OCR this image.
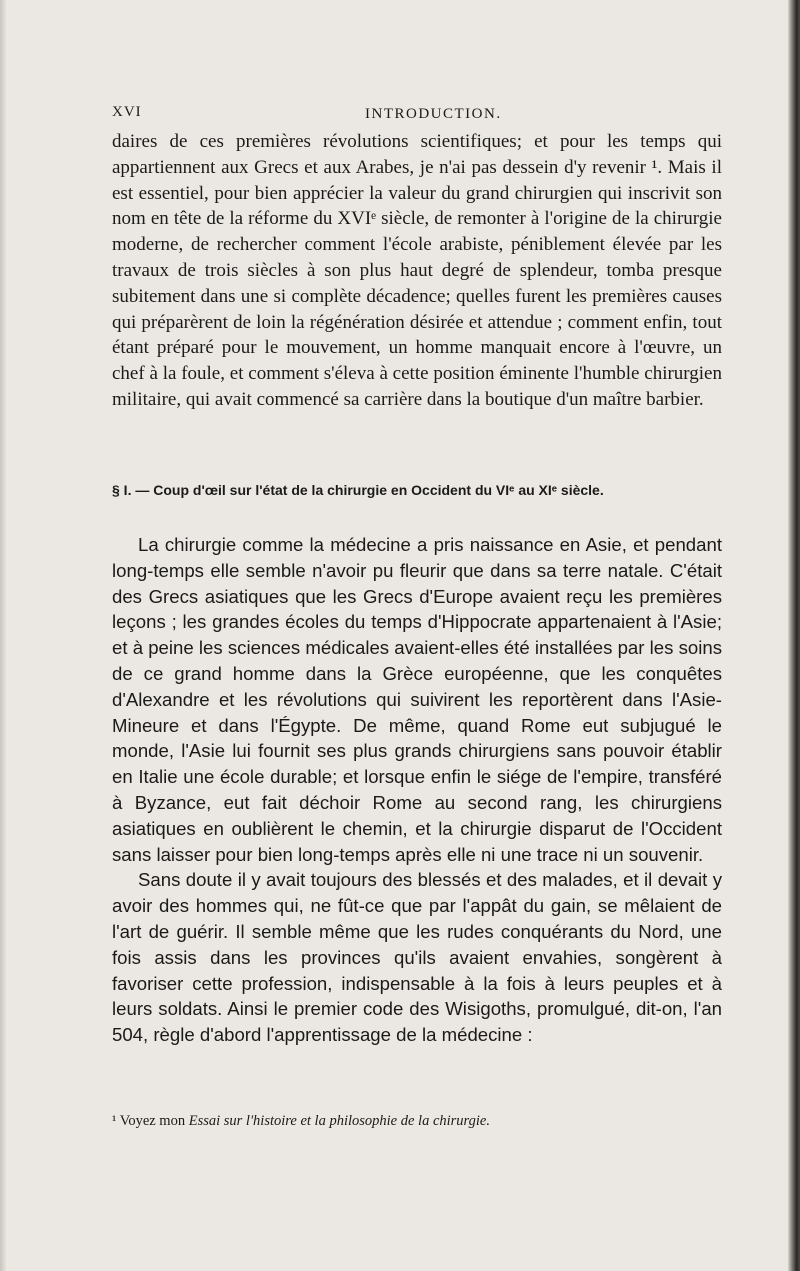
XVI	INTRODUCTION.

daires de ces premières révolutions scientifiques; et pour les temps qui appartiennent aux Grecs et aux Arabes, je n'ai pas dessein d'y revenir ¹. Mais il est essentiel, pour bien apprécier la valeur du grand chirurgien qui inscrivit son nom en tête de la réforme du XVIᵉ siècle, de remonter à l'origine de la chirurgie moderne, de rechercher comment l'école arabiste, péniblement élevée par les travaux de trois siècles à son plus haut degré de splendeur, tomba presque subitement dans une si complète décadence; quelles furent les premières causes qui préparèrent de loin la régénération désirée et attendue ; comment enfin, tout étant préparé pour le mouvement, un homme manquait encore à l'œuvre, un chef à la foule, et comment s'éleva à cette position éminente l'humble chirurgien militaire, qui avait commencé sa carrière dans la boutique d'un maître barbier.

§ I. — Coup d'œil sur l'état de la chirurgie en Occident du VIᵉ au XIᵉ siècle.

La chirurgie comme la médecine a pris naissance en Asie, et pendant long-temps elle semble n'avoir pu fleurir que dans sa terre natale. C'était des Grecs asiatiques que les Grecs d'Europe avaient reçu les premières leçons ; les grandes écoles du temps d'Hippocrate appartenaient à l'Asie; et à peine les sciences médicales avaient-elles été installées par les soins de ce grand homme dans la Grèce européenne, que les conquêtes d'Alexandre et les révolutions qui suivirent les reportèrent dans l'Asie-Mineure et dans l'Égypte. De même, quand Rome eut subjugué le monde, l'Asie lui fournit ses plus grands chirurgiens sans pouvoir établir en Italie une école durable; et lorsque enfin le siége de l'empire, transféré à Byzance, eut fait déchoir Rome au second rang, les chirurgiens asiatiques en oublièrent le chemin, et la chirurgie disparut de l'Occident sans laisser pour bien long-temps après elle ni une trace ni un souvenir.

Sans doute il y avait toujours des blessés et des malades, et il devait y avoir des hommes qui, ne fût-ce que par l'appât du gain, se mêlaient de l'art de guérir. Il semble même que les rudes conquérants du Nord, une fois assis dans les provinces qu'ils avaient envahies, songèrent à favoriser cette profession, indispensable à la fois à leurs peuples et à leurs soldats. Ainsi le premier code des Wisigoths, promulgué, dit-on, l'an 504, règle d'abord l'apprentissage de la médecine :

¹ Voyez mon Essai sur l'histoire et la philosophie de la chirurgie.
